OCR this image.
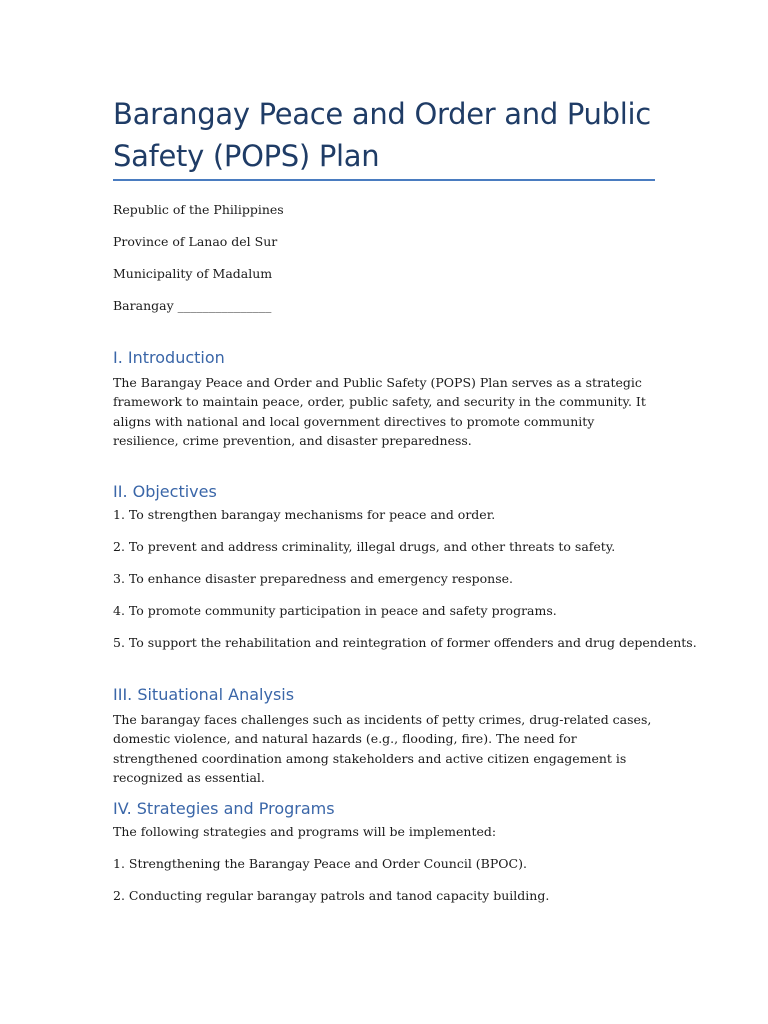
Barangay Peace and Order and Public Safety (POPS) Plan

Republic of the Philippines

Province of Lanao del Sur

Municipality of Madalum

Barangay _______________

I. Introduction

The Barangay Peace and Order and Public Safety (POPS) Plan serves as a strategic framework to maintain peace, order, public safety, and security in the community. It aligns with national and local government directives to promote community resilience, crime prevention, and disaster preparedness.

II. Objectives

1. To strengthen barangay mechanisms for peace and order.

2. To prevent and address criminality, illegal drugs, and other threats to safety.

3. To enhance disaster preparedness and emergency response.

4. To promote community participation in peace and safety programs.

5. To support the rehabilitation and reintegration of former offenders and drug dependents.

III. Situational Analysis

The barangay faces challenges such as incidents of petty crimes, drug-related cases, domestic violence, and natural hazards (e.g., flooding, fire). The need for strengthened coordination among stakeholders and active citizen engagement is recognized as essential.

IV. Strategies and Programs

The following strategies and programs will be implemented:

1. Strengthening the Barangay Peace and Order Council (BPOC).

2. Conducting regular barangay patrols and tanod capacity building.
